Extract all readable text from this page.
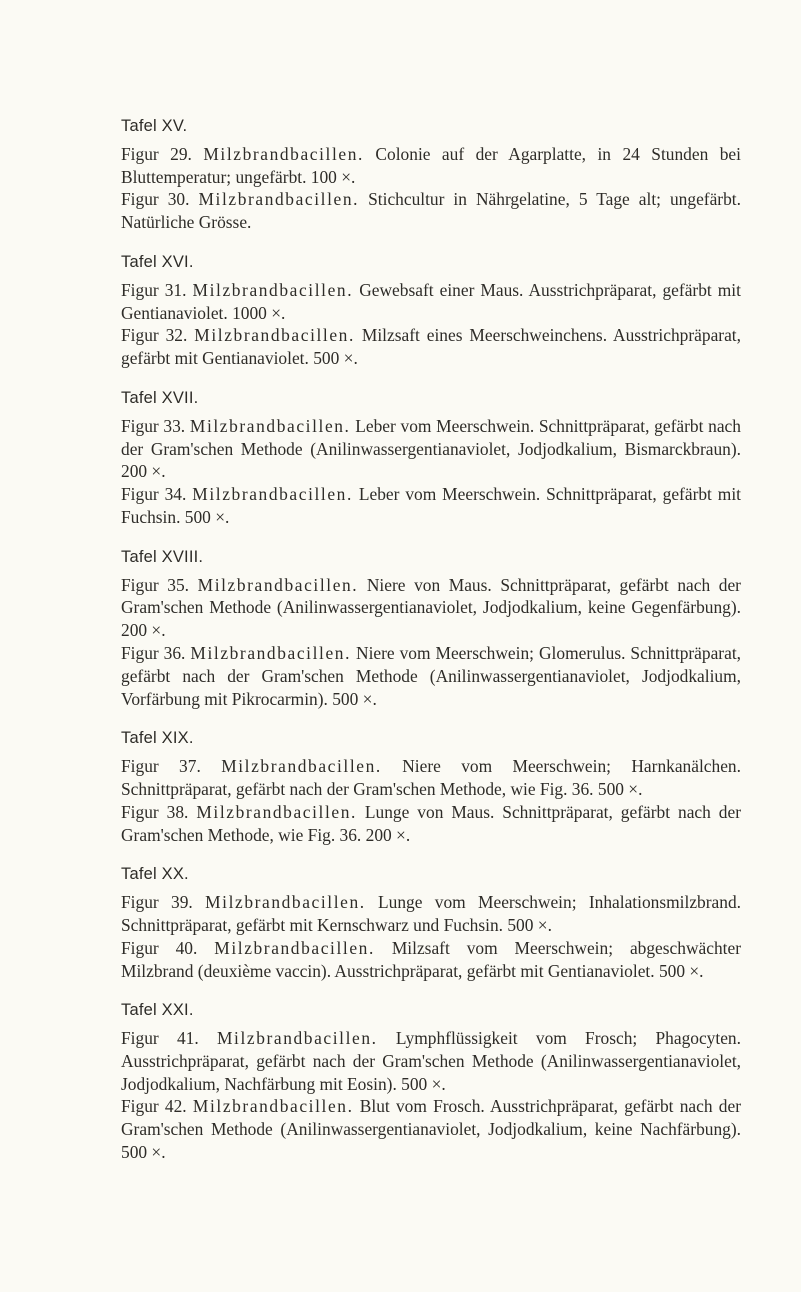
Tafel XV.

Figur 29. Milzbrandbacillen. Colonie auf der Agarplatte, in 24 Stunden bei Bluttemperatur; ungefärbt. 100 ×.

Figur 30. Milzbrandbacillen. Stichcultur in Nährgelatine, 5 Tage alt; ungefärbt. Natürliche Grösse.

Tafel XVI.

Figur 31. Milzbrandbacillen. Gewebsaft einer Maus. Ausstrichpräparat, gefärbt mit Gentianaviolet. 1000 ×.

Figur 32. Milzbrandbacillen. Milzsaft eines Meerschweinchens. Ausstrichpräparat, gefärbt mit Gentianaviolet. 500 ×.

Tafel XVII.

Figur 33. Milzbrandbacillen. Leber vom Meerschwein. Schnittpräparat, gefärbt nach der Gram'schen Methode (Anilinwassergentianaviolet, Jodjodkalium, Bismarckbraun). 200 ×.

Figur 34. Milzbrandbacillen. Leber vom Meerschwein. Schnittpräparat, gefärbt mit Fuchsin. 500 ×.

Tafel XVIII.

Figur 35. Milzbrandbacillen. Niere von Maus. Schnittpräparat, gefärbt nach der Gram'schen Methode (Anilinwassergentianaviolet, Jodjodkalium, keine Gegenfärbung). 200 ×.

Figur 36. Milzbrandbacillen. Niere vom Meerschwein; Glomerulus. Schnittpräparat, gefärbt nach der Gram'schen Methode (Anilinwassergentianaviolet, Jodjodkalium, Vorfärbung mit Pikrocarmin). 500 ×.

Tafel XIX.

Figur 37. Milzbrandbacillen. Niere vom Meerschwein; Harnkanälchen. Schnittpräparat, gefärbt nach der Gram'schen Methode, wie Fig. 36. 500 ×.

Figur 38. Milzbrandbacillen. Lunge von Maus. Schnittpräparat, gefärbt nach der Gram'schen Methode, wie Fig. 36. 200 ×.

Tafel XX.

Figur 39. Milzbrandbacillen. Lunge vom Meerschwein; Inhalationsmilzbrand. Schnittpräparat, gefärbt mit Kernschwarz und Fuchsin. 500 ×.

Figur 40. Milzbrandbacillen. Milzsaft vom Meerschwein; abgeschwächter Milzbrand (deuxième vaccin). Ausstrichpräparat, gefärbt mit Gentianaviolet. 500 ×.

Tafel XXI.

Figur 41. Milzbrandbacillen. Lymphflüssigkeit vom Frosch; Phagocyten. Ausstrichpräparat, gefärbt nach der Gram'schen Methode (Anilinwassergentianaviolet, Jodjodkalium, Nachfärbung mit Eosin). 500 ×.

Figur 42. Milzbrandbacillen. Blut vom Frosch. Ausstrichpräparat, gefärbt nach der Gram'schen Methode (Anilinwassergentianaviolet, Jodjodkalium, keine Nachfärbung). 500 ×.
